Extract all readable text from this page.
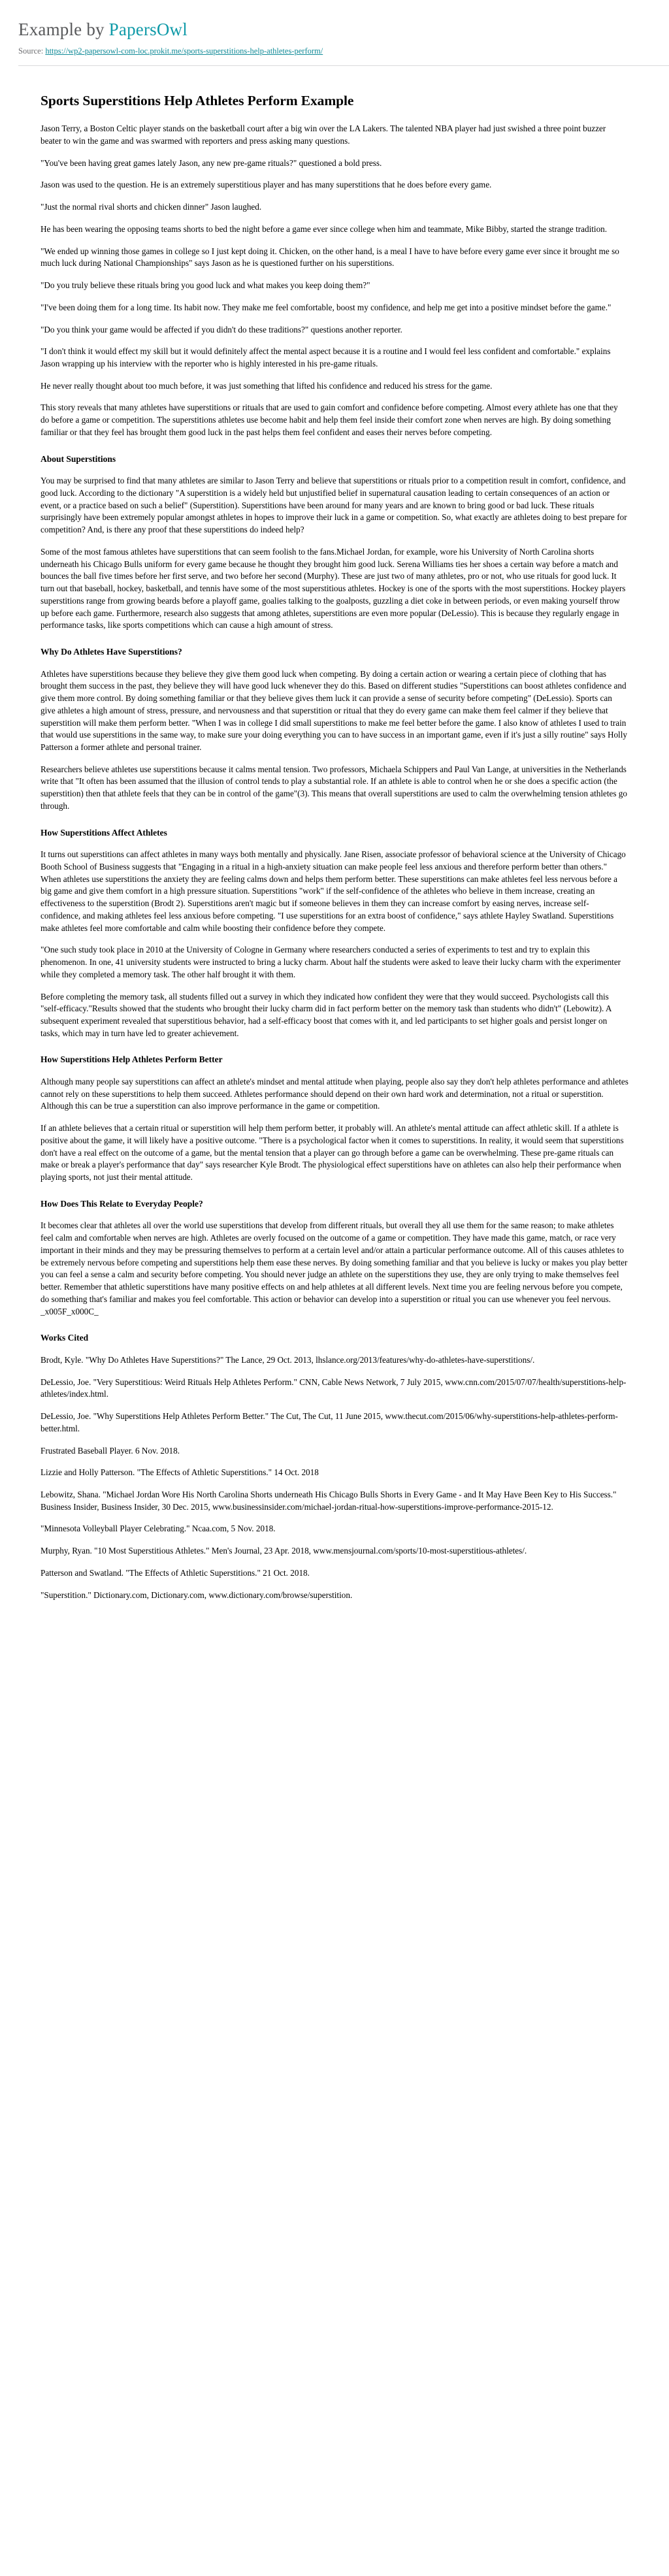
Example by PapersOwl
Source: https://wp2-papersowl-com-loc.prokit.me/sports-superstitions-help-athletes-perform/
Sports Superstitions Help Athletes Perform Example

Jason Terry, a Boston Celtic player stands on the basketball court after a big win over the LA Lakers. The talented NBA player had just swished a three point buzzer beater to win the game and was swarmed with reporters and press asking many questions.

"You've been having great games lately Jason, any new pre-game rituals?" questioned a bold press.

Jason was used to the question. He is an extremely superstitious player and has many superstitions that he does before every game.

"Just the normal rival shorts and chicken dinner" Jason laughed.

He has been wearing the opposing teams shorts to bed the night before a game ever since college when him and teammate, Mike Bibby, started the strange tradition.

"We ended up winning those games in college so I just kept doing it. Chicken, on the other hand, is a meal I have to have before every game ever since it brought me so much luck during National Championships" says Jason as he is questioned further on his superstitions.

"Do you truly believe these rituals bring you good luck and what makes you keep doing them?"

"I've been doing them for a long time. Its habit now. They make me feel comfortable, boost my confidence, and help me get into a positive mindset before the game."

"Do you think your game would be affected if you didn't do these traditions?" questions another reporter.

"I don't think it would effect my skill but it would definitely affect the mental aspect because it is a routine and I would feel less confident and comfortable." explains Jason wrapping up his interview with the reporter who is highly interested in his pre-game rituals.

He never really thought about too much before, it was just something that lifted his confidence and reduced his stress for the game.

This story reveals that many athletes have superstitions or rituals that are used to gain comfort and confidence before competing. Almost every athlete has one that they do before a game or competition. The superstitions athletes use become habit and help them feel inside their comfort zone when nerves are high. By doing something familiar or that they feel has brought them good luck in the past helps them feel confident and eases their nerves before competing.

About Superstitions

You may be surprised to find that many athletes are similar to Jason Terry and believe that superstitions or rituals prior to a competition result in comfort, confidence, and good luck. According to the dictionary "A superstition is a widely held but unjustified belief in supernatural causation leading to certain consequences of an action or event, or a practice based on such a belief" (Superstition). Superstitions have been around for many years and are known to bring good or bad luck. These rituals surprisingly have been extremely popular amongst athletes in hopes to improve their luck in a game or competition. So, what exactly are athletes doing to best prepare for competition? And, is there any proof that these superstitions do indeed help?

Some of the most famous athletes have superstitions that can seem foolish to the fans.Michael Jordan, for example, wore his University of North Carolina shorts underneath his Chicago Bulls uniform for every game because he thought they brought him good luck. Serena Williams ties her shoes a certain way before a match and bounces the ball five times before her first serve, and two before her second (Murphy). These are just two of many athletes, pro or not, who use rituals for good luck. It turn out that baseball, hockey, basketball, and tennis have some of the most superstitious athletes. Hockey is one of the sports with the most superstitions. Hockey players superstitions range from growing beards before a playoff game, goalies talking to the goalposts, guzzling a diet coke in between periods, or even making yourself throw up before each game. Furthermore, research also suggests that among athletes, superstitions are even more popular (DeLessio). This is because they regularly engage in performance tasks, like sports competitions which can cause a high amount of stress.

Why Do Athletes Have Superstitions?

Athletes have superstitions because they believe they give them good luck when competing. By doing a certain action or wearing a certain piece of clothing that has brought them success in the past, they believe they will have good luck whenever they do this. Based on different studies "Superstitions can boost athletes confidence and give them more control. By doing something familiar or that they believe gives them luck it can provide a sense of security before competing" (DeLessio). Sports can give athletes a high amount of stress, pressure, and nervousness and that superstition or ritual that they do every game can make them feel calmer if they believe that superstition will make them perform better. "When I was in college I did small superstitions to make me feel better before the game. I also know of athletes I used to train that would use superstitions in the same way, to make sure your doing everything you can to have success in an important game, even if it's just a silly routine" says Holly Patterson a former athlete and personal trainer.

Researchers believe athletes use superstitions because it calms mental tension. Two professors, Michaela Schippers and Paul Van Lange, at universities in the Netherlands write that "It often has been assumed that the illusion of control tends to play a substantial role. If an athlete is able to control when he or she does a specific action (the superstition) then that athlete feels that they can be in control of the game"(3). This means that overall superstitions are used to calm the overwhelming tension athletes go through.

How Superstitions Affect Athletes

It turns out superstitions can affect athletes in many ways both mentally and physically. Jane Risen, associate professor of behavioral science at the University of Chicago Booth School of Business suggests that "Engaging in a ritual in a high-anxiety situation can make people feel less anxious and therefore perform better than others." When athletes use superstitions the anxiety they are feeling calms down and helps them perform better. These superstitions can make athletes feel less nervous before a big game and give them comfort in a high pressure situation. Superstitions "work" if the self-confidence of the athletes who believe in them increase, creating an effectiveness to the superstition (Brodt 2). Superstitions aren't magic but if someone believes in them they can increase comfort by easing nerves, increase self-confidence, and making athletes feel less anxious before competing. "I use superstitions for an extra boost of confidence," says athlete Hayley Swatland. Superstitions make athletes feel more comfortable and calm while boosting their confidence before they compete.

"One such study took place in 2010 at the University of Cologne in Germany where researchers conducted a series of experiments to test and try to explain this phenomenon. In one, 41 university students were instructed to bring a lucky charm. About half the students were asked to leave their lucky charm with the experimenter while they completed a memory task. The other half brought it with them.

Before completing the memory task, all students filled out a survey in which they indicated how confident they were that they would succeed. Psychologists call this "self-efficacy."Results showed that the students who brought their lucky charm did in fact perform better on the memory task than students who didn't" (Lebowitz). A subsequent experiment revealed that superstitious behavior, had a self-efficacy boost that comes with it, and led participants to set higher goals and persist longer on tasks, which may in turn have led to greater achievement.

How Superstitions Help Athletes Perform Better

Although many people say superstitions can affect an athlete's mindset and mental attitude when playing, people also say they don't help athletes performance and athletes cannot rely on these superstitions to help them succeed. Athletes performance should depend on their own hard work and determination, not a ritual or superstition. Although this can be true a superstition can also improve performance in the game or competition.

If an athlete believes that a certain ritual or superstition will help them perform better, it probably will. An athlete's mental attitude can affect athletic skill. If a athlete is positive about the game, it will likely have a positive outcome. "There is a psychological factor when it comes to superstitions. In reality, it would seem that superstitions don't have a real effect on the outcome of a game, but the mental tension that a player can go through before a game can be overwhelming. These pre-game rituals can make or break a player's performance that day" says researcher Kyle Brodt. The physiological effect superstitions have on athletes can also help their performance when playing sports, not just their mental attitude.

How Does This Relate to Everyday People?

It becomes clear that athletes all over the world use superstitions that develop from different rituals, but overall they all use them for the same reason; to make athletes feel calm and comfortable when nerves are high. Athletes are overly focused on the outcome of a game or competition. They have made this game, match, or race very important in their minds and they may be pressuring themselves to perform at a certain level and/or attain a particular performance outcome. All of this causes athletes to be extremely nervous before competing and superstitions help them ease these nerves. By doing something familiar and that you believe is lucky or makes you play better you can feel a sense a calm and security before competing. You should never judge an athlete on the superstitions they use, they are only trying to make themselves feel better. Remember that athletic superstitions have many positive effects on and help athletes at all different levels. Next time you are feeling nervous before you compete, do something that's familiar and makes you feel comfortable. This action or behavior can develop into a superstition or ritual you can use whenever you feel nervous. _x005F_x000C_

Works Cited

Brodt, Kyle. "Why Do Athletes Have Superstitions?" The Lance, 29 Oct. 2013, lhslance.org/2013/features/why-do-athletes-have-superstitions/.

DeLessio, Joe. "Very Superstitious: Weird Rituals Help Athletes Perform." CNN, Cable News Network, 7 July 2015, www.cnn.com/2015/07/07/health/superstitions-help-athletes/index.html.

DeLessio, Joe. "Why Superstitions Help Athletes Perform Better." The Cut, The Cut, 11 June 2015, www.thecut.com/2015/06/why-superstitions-help-athletes-perform-better.html.

Frustrated Baseball Player. 6 Nov. 2018.

Lizzie and Holly Patterson. "The Effects of Athletic Superstitions." 14 Oct. 2018

Lebowitz, Shana. "Michael Jordan Wore His North Carolina Shorts underneath His Chicago Bulls Shorts in Every Game - and It May Have Been Key to His Success." Business Insider, Business Insider, 30 Dec. 2015, www.businessinsider.com/michael-jordan-ritual-how-superstitions-improve-performance-2015-12.

"Minnesota Volleyball Player Celebrating." Ncaa.com, 5 Nov. 2018.

Murphy, Ryan. "10 Most Superstitious Athletes." Men's Journal, 23 Apr. 2018, www.mensjournal.com/sports/10-most-superstitious-athletes/.

Patterson and Swatland. "The Effects of Athletic Superstitions." 21 Oct. 2018.

"Superstition." Dictionary.com, Dictionary.com, www.dictionary.com/browse/superstition.
